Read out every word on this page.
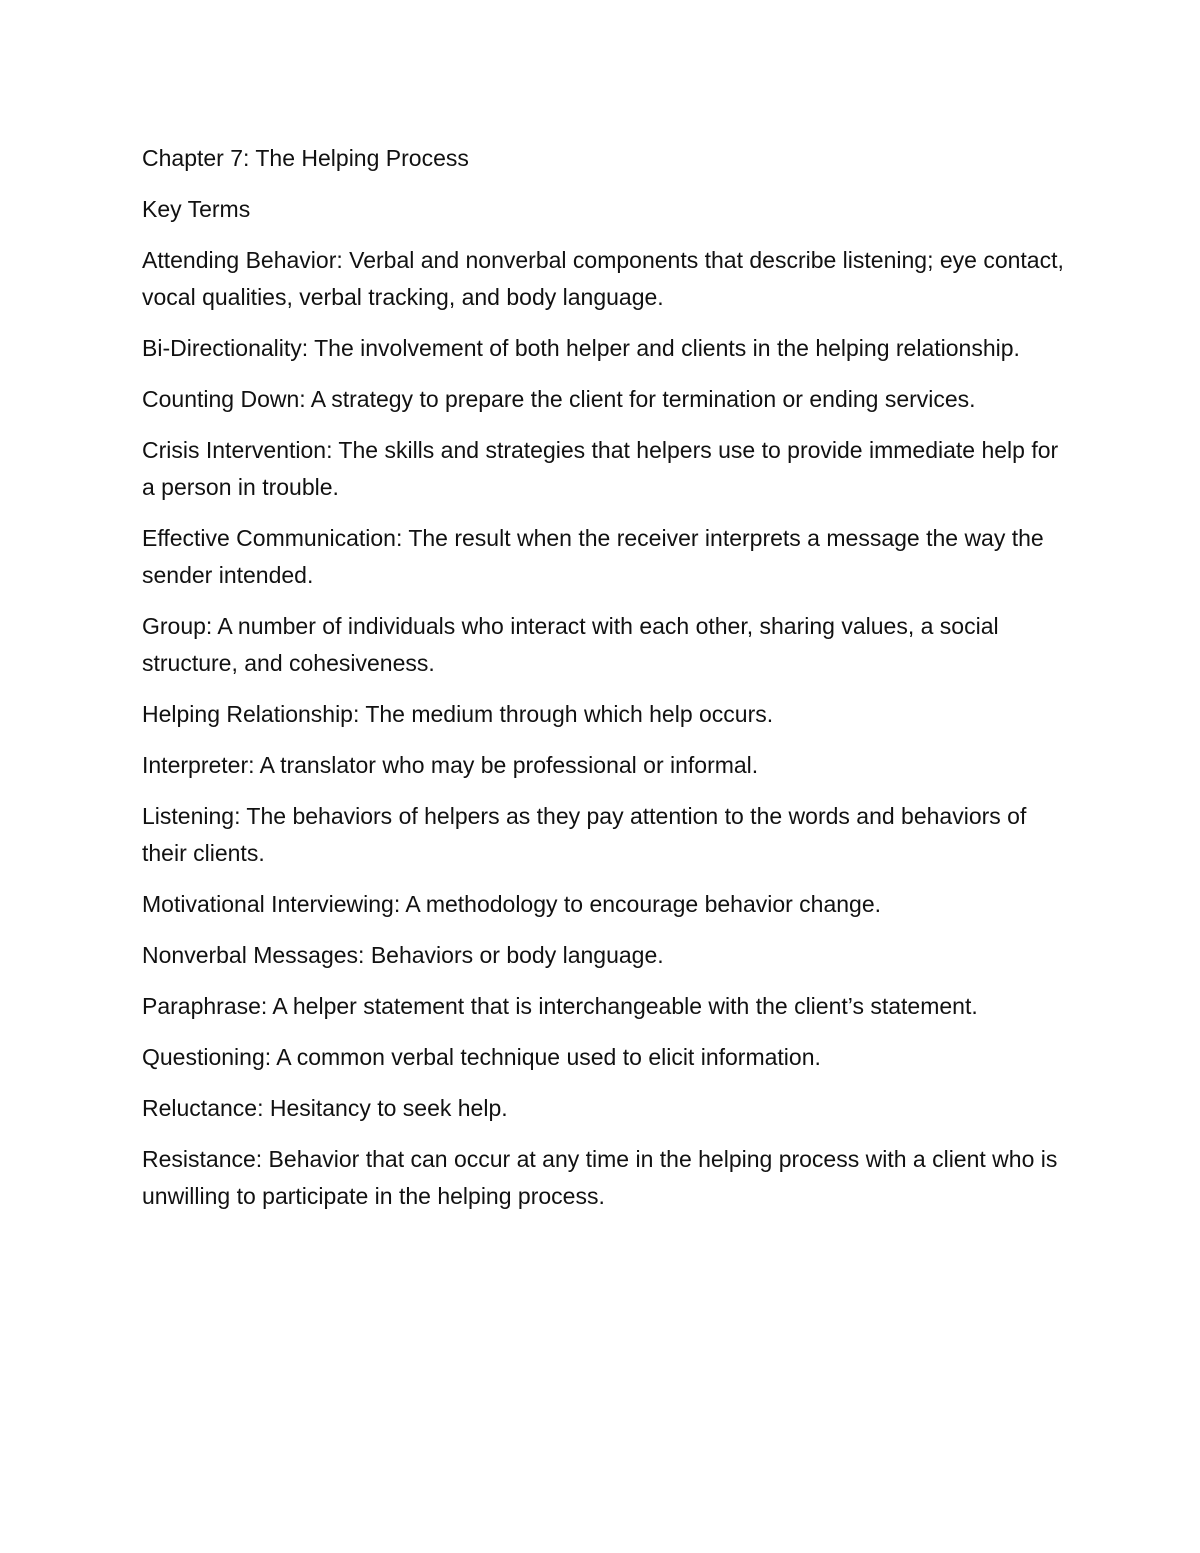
Chapter 7: The Helping Process

Key Terms

Attending Behavior: Verbal and nonverbal components that describe listening; eye contact, vocal qualities, verbal tracking, and body language.

Bi-Directionality: The involvement of both helper and clients in the helping relationship.

Counting Down: A strategy to prepare the client for termination or ending services.

Crisis Intervention: The skills and strategies that helpers use to provide immediate help for a person in trouble.

Effective Communication: The result when the receiver interprets a message the way the sender intended.

Group: A number of individuals who interact with each other, sharing values, a social structure, and cohesiveness.

Helping Relationship: The medium through which help occurs.

Interpreter: A translator who may be professional or informal.

Listening: The behaviors of helpers as they pay attention to the words and behaviors of their clients.

Motivational Interviewing: A methodology to encourage behavior change.

Nonverbal Messages: Behaviors or body language.

Paraphrase: A helper statement that is interchangeable with the client’s statement.

Questioning: A common verbal technique used to elicit information.

Reluctance: Hesitancy to seek help.

Resistance: Behavior that can occur at any time in the helping process with a client who is unwilling to participate in the helping process.
